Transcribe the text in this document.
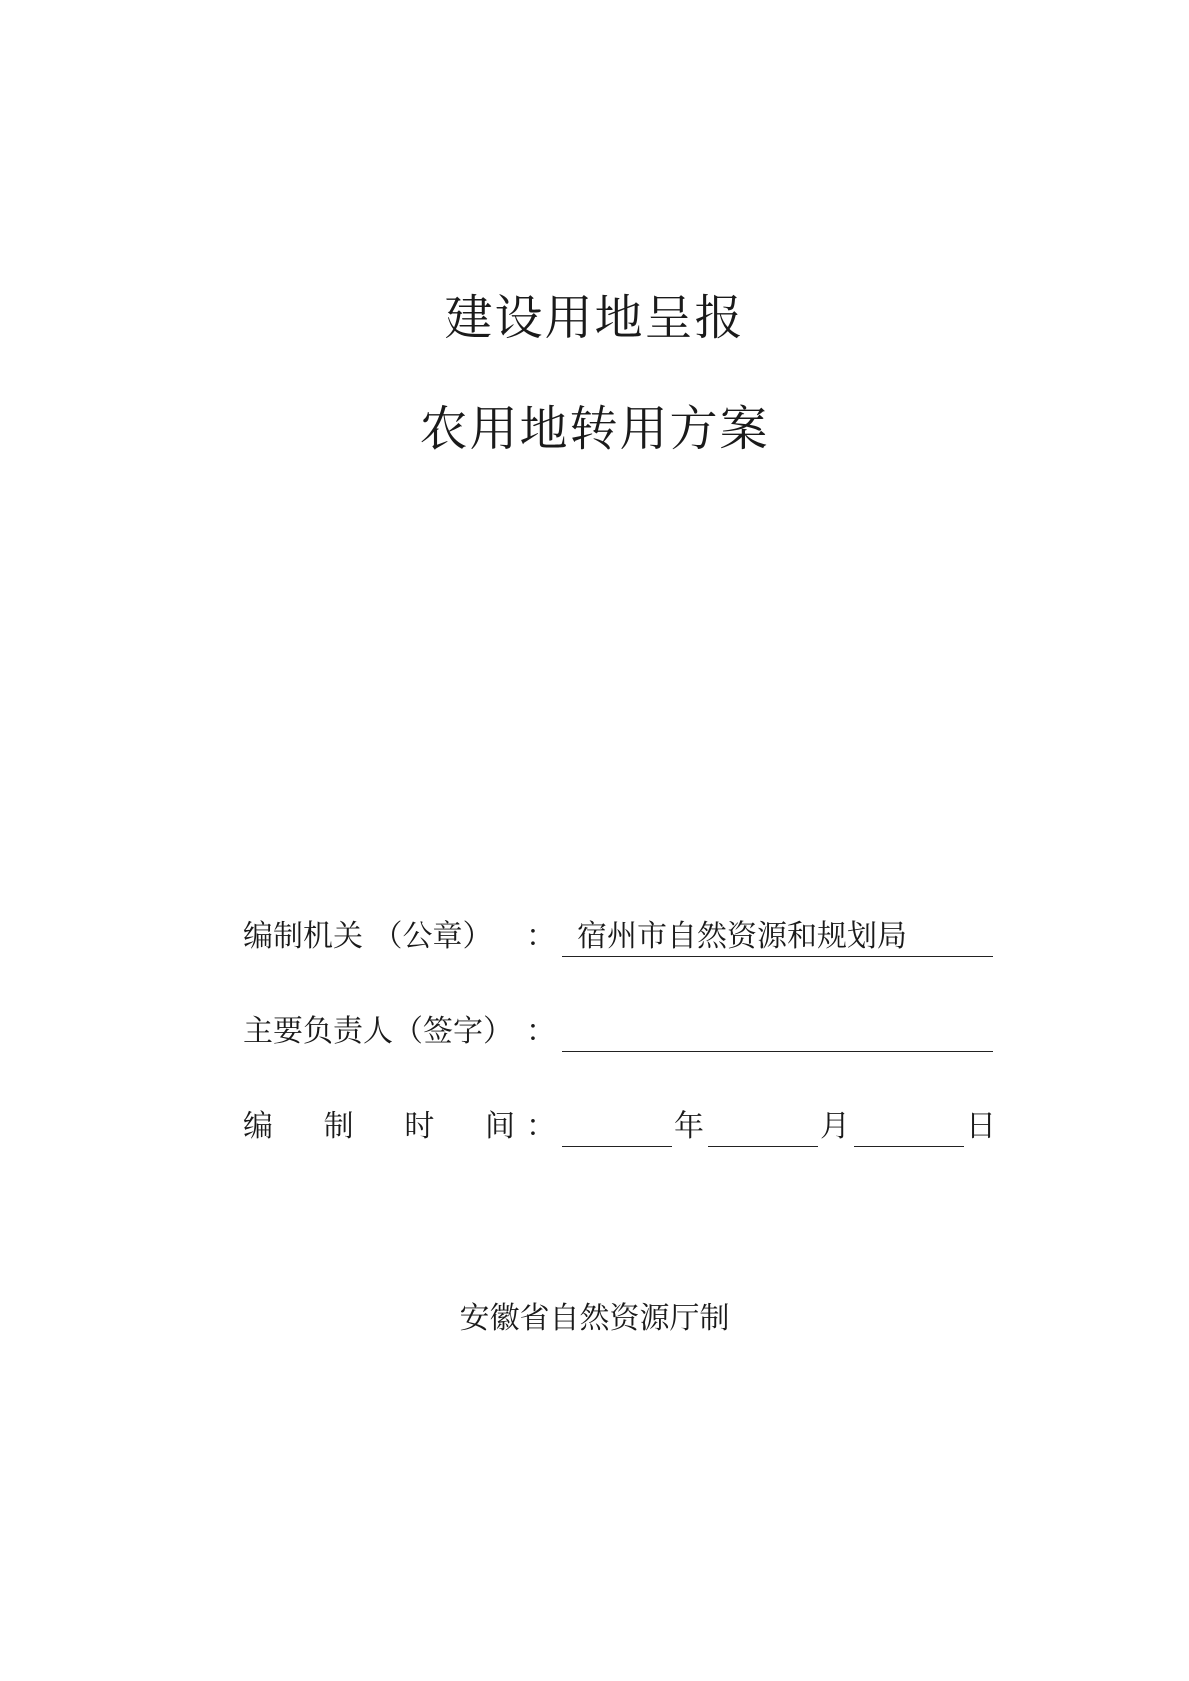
建设用地呈报
农用地转用方案
编制机关 （公章） ： 宿州市自然资源和规划局
主要负责人（签字） ：
编 制 时 间 ：	年	月	日
安徽省自然资源厅制
